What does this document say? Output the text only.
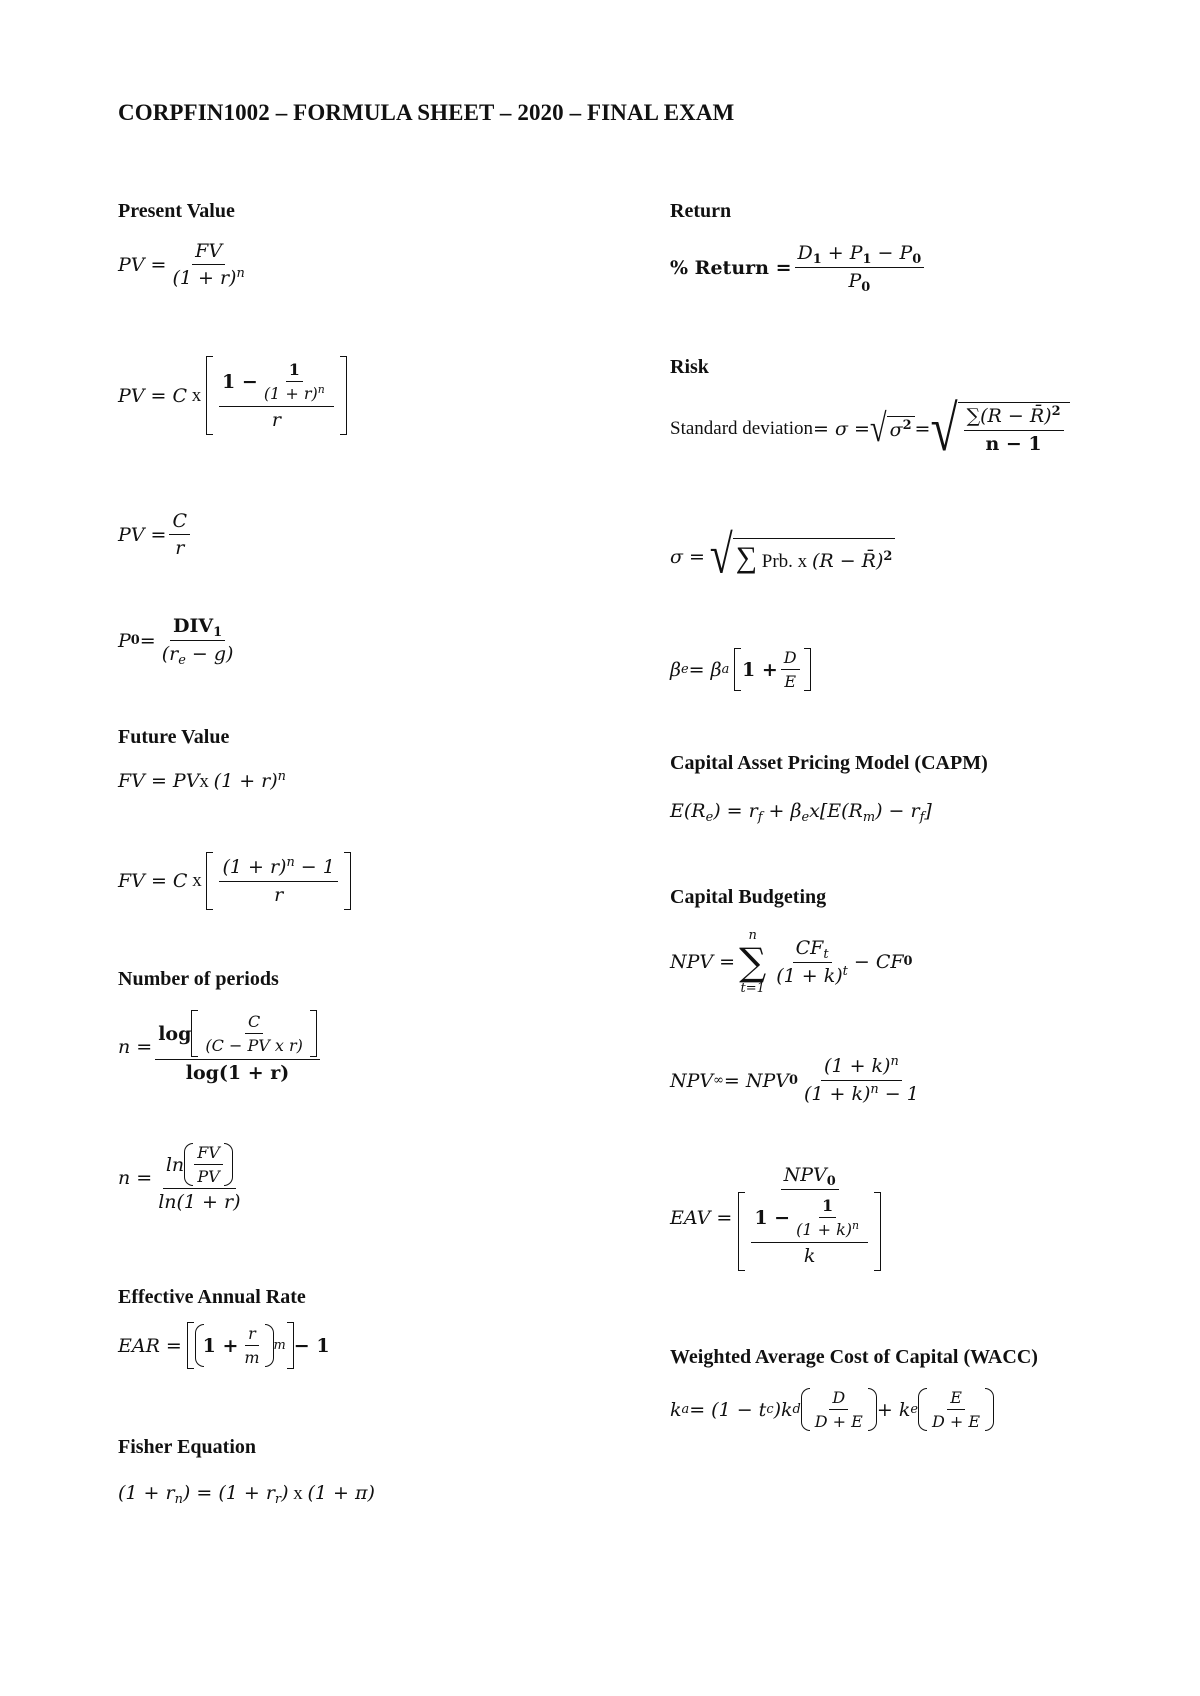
CORPFIN1002 – FORMULA SHEET – 2020 – FINAL EXAM
Present Value
PV = $\frac{FV}{(1 + r)^n}$
PV = C
x
$\frac{1 - \frac{1}{(1 + r)^n}}{r}$
PV = $\frac{C}{r}$
P $0 = \frac{DIV_1}{(r_e - g)}$
Future Value
FV = PVx $(1 + r)^n$
FV = C
x
$\frac{(1 + r)^n - 1}{r}$
Number of periods
$n = \frac{\log \frac{C}{\text{(C − PV x r)}}}{\log(1 + r)}$
$n = \frac{\ln \frac{FV}{PV}}{\ln(1 + r)}$
Effective Annual Rate
EAR =
$1 + \frac{r}{m}$ m − 1
Fisher Equation
$(1 + r_n) = (1 + r_r)$ x (1 + π)
Return
% Return = $\frac{D_1 + P_1 - P_0}{P_0}$
Risk
Standard deviation = σ = √ $\sigma^2$ = √ $\frac{\sum(R - R̄)^2}{n - 1}$
σ =
√ ∑ Prb. x (R − R̄)$^2$
β e = β a
$1 + \frac{D}{E}$
Capital Asset Pricing Model (CAPM)
$E(R_e) = r_f + \beta_ex[E(R_m) - r_f]$
Capital Budgeting
NPV =
n
∑
t=1
$\frac{CF_t}{(1 + k)^t}$ − CF 0
NPV ∞ = NPV $0 \frac{(1 + k)^n}{(1 + k)^n - 1}$
EAV = $\frac{NPV_0}{\frac{1 - \frac{1}{(1 + k)^n}}{k}}$
Weighted Average Cost of Capital (WACC)
k a = (1 − t c )k d $\frac{D}{D + E} + k$ e $\frac{E}{D + E}$
